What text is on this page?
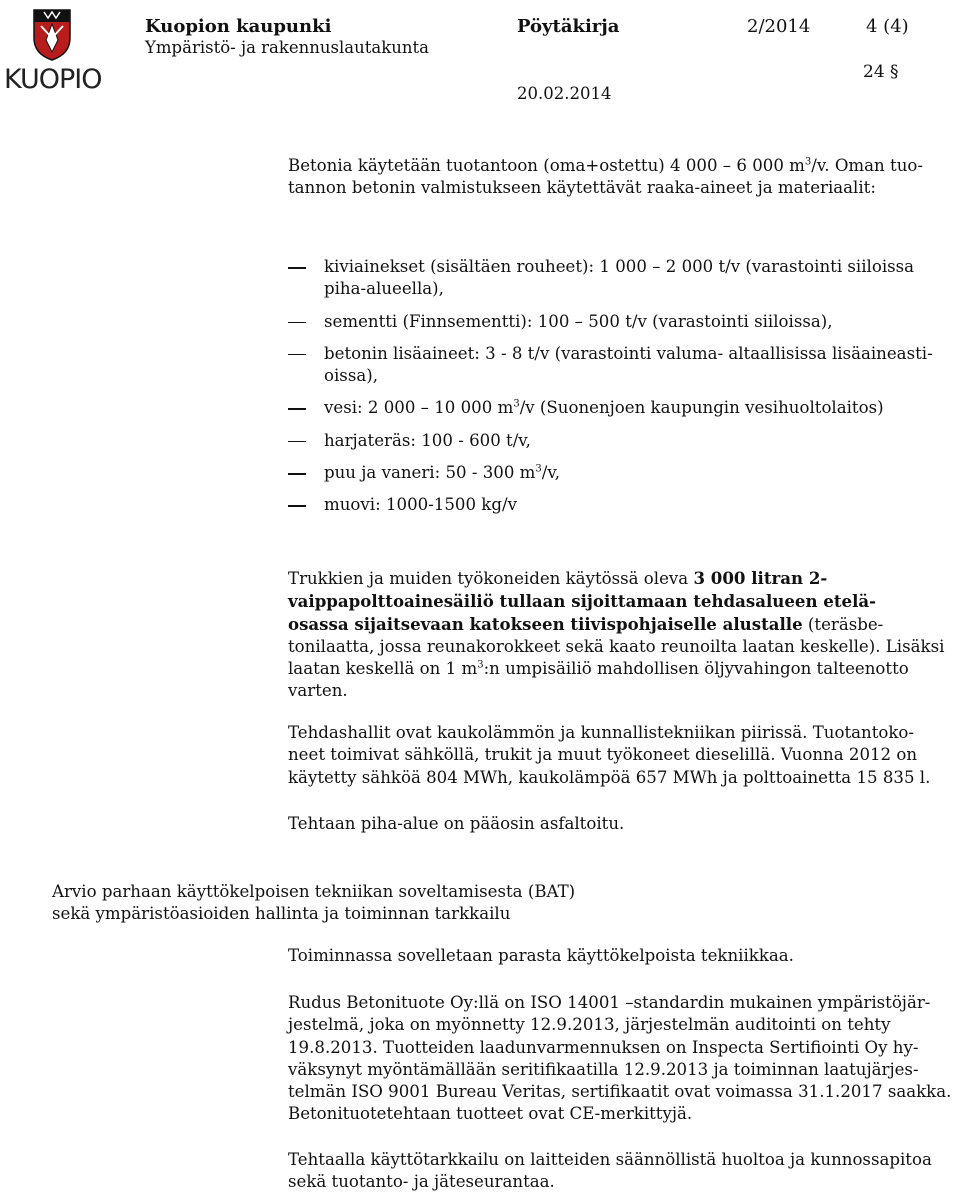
KUOPIO
Kuopion kaupunki
Ympäristö- ja rakennuslautakunta
Pöytäkirja	2/2014	4 (4)
24 §
20.02.2014

Betonia käytetään tuotantoon (oma+ostettu) 4 000 – 6 000 $m^3/v$. Oman tuo-
tannon betonin valmistukseen käytettävät raaka-aineet ja materiaalit:

kiviainekset (sisältäen rouheet): 1 000 – 2 000 t/v (varastointi siiloissa
piha-alueella),
sementti (Finnsementti): 100 – 500 t/v (varastointi siiloissa),
betonin lisäaineet: 3 - 8 t/v (varastointi valuma- altaallisissa lisäaineasti-
oissa),
vesi: 2 000 – 10 000 $m^3/v$ (Suonenjoen kaupungin vesihuoltolaitos)
harjateräs: 100 - 600 t/v,
puu ja vaneri: 50 - 300 $m^3/v$,
muovi: 1000-1500 kg/v

Trukkien ja muiden työkoneiden käytössä oleva 3 000 litran 2-
vaippapolttoainesäiliö tullaan sijoittamaan tehdasalueen etelä-
osassa sijaitsevaan katokseen tiivispohjaiselle alustalle (teräsbe-
tonilaatta, jossa reunakorokkeet sekä kaato reunoilta laatan keskelle). Lisäksi
laatan keskellä on 1 $m^3:n$ umpisäiliö mahdollisen öljyvahingon talteenotto
varten.

Tehdashallit ovat kaukolämmön ja kunnallistekniikan piirissä. Tuotantoko-
neet toimivat sähköllä, trukit ja muut työkoneet dieselillä. Vuonna 2012 on
käytetty sähköä 804 MWh, kaukolämpöä 657 MWh ja polttoainetta 15 835 l.

Tehtaan piha-alue on pääosin asfaltoitu.

Arvio parhaan käyttökelpoisen tekniikan soveltamisesta (BAT)
sekä ympäristöasioiden hallinta ja toiminnan tarkkailu

Toiminnassa sovelletaan parasta käyttökelpoista tekniikkaa.

Rudus Betonituote Oy:llä on ISO 14001 –standardin mukainen ympäristöjär-
jestelmä, joka on myönnetty 12.9.2013, järjestelmän auditointi on tehty
19.8.2013. Tuotteiden laadunvarmennuksen on Inspecta Sertifiointi Oy hy-
väksynyt myöntämällään seritifikaatilla 12.9.2013 ja toiminnan laatujärjes-
telmän ISO 9001 Bureau Veritas, sertifikaatit ovat voimassa 31.1.2017 saakka.
Betonituotetehtaan tuotteet ovat CE-merkittyjä.

Tehtaalla käyttötarkkailu on laitteiden säännöllistä huoltoa ja kunnossapitoa
sekä tuotanto- ja jäteseurantaa.
